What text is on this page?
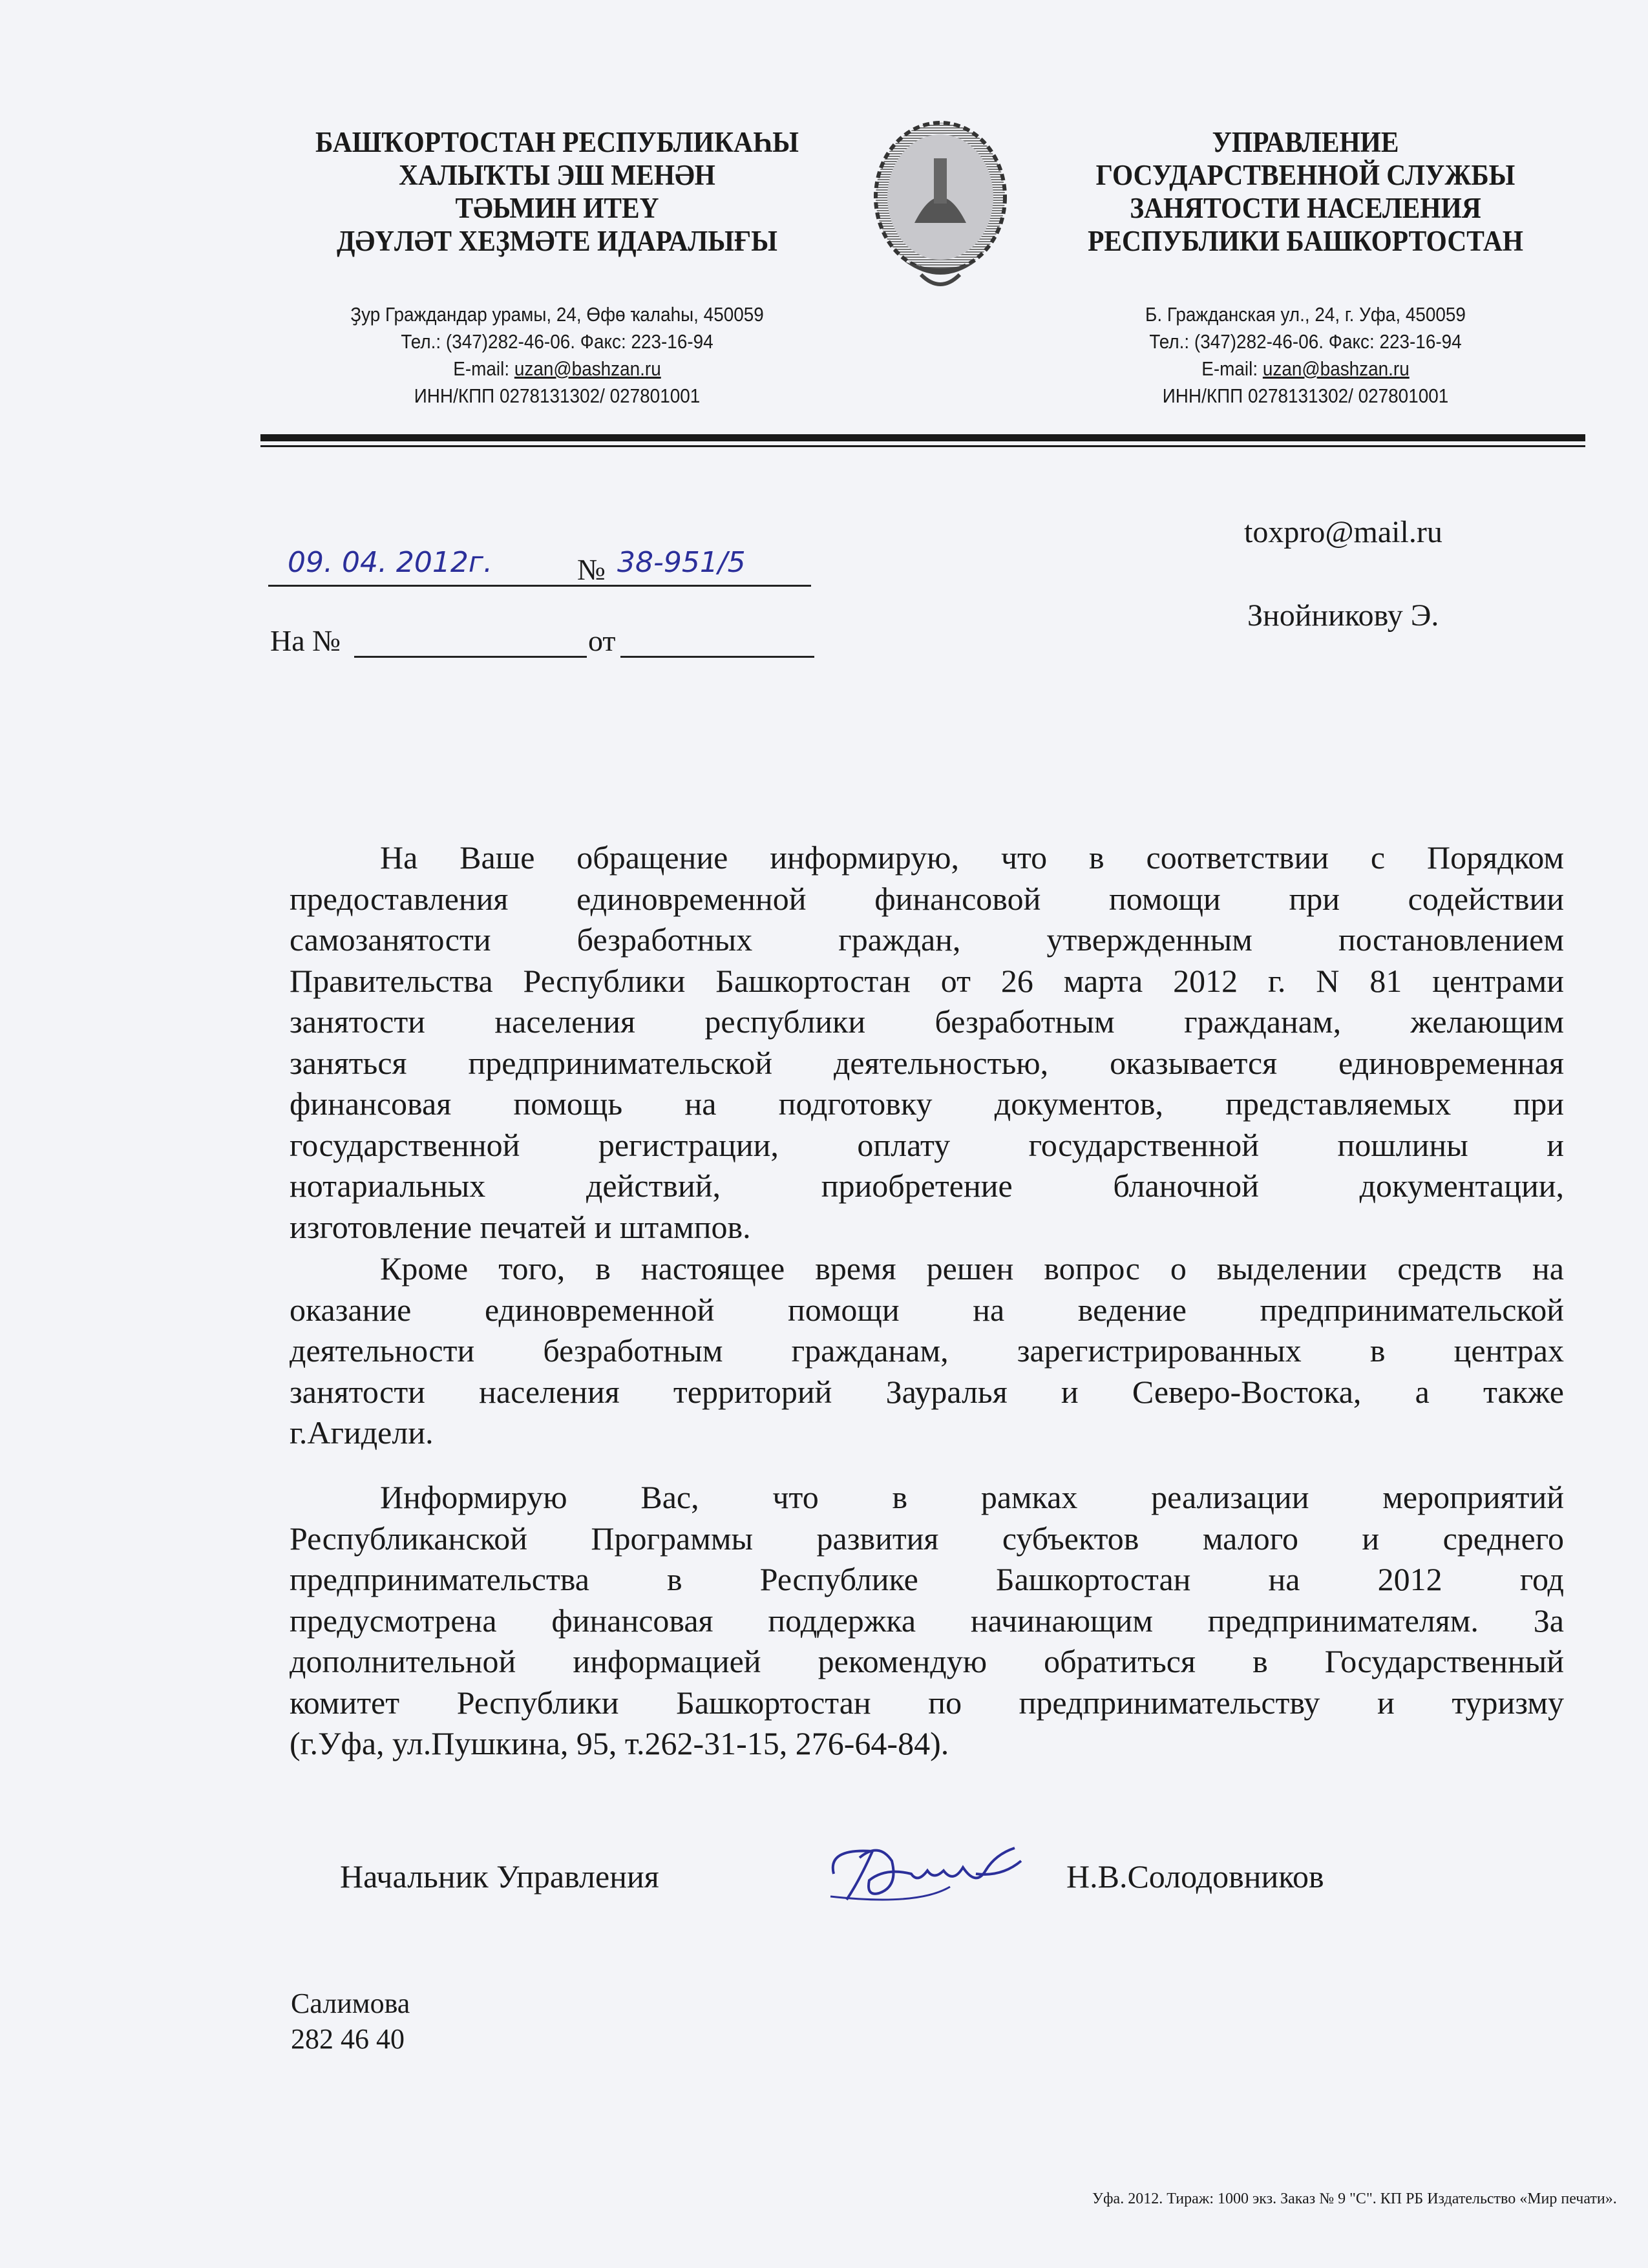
БАШҠОРТОСТАН РЕСПУБЛИКАҺЫ
ХАЛЫҠТЫ ЭШ МЕНӘН
ТӘЬМИН ИТЕҮ
ДӘҮЛӘТ ХЕҘМӘТЕ ИДАРАЛЫҒЫ
УПРАВЛЕНИЕ
ГОСУДАРСТВЕННОЙ СЛУЖБЫ
ЗАНЯТОСТИ НАСЕЛЕНИЯ
РЕСПУБЛИКИ БАШКОРТОСТАН
Ҙур Граждандар урамы, 24, Өфө ҡалаһы, 450059
Тел.: (347)282-46-06. Факс: 223-16-94
E-mail: uzan@bashzan.ru
ИНН/КПП 0278131302/ 027801001
Б. Гражданская ул., 24, г. Уфа, 450059
Тел.: (347)282-46-06. Факс: 223-16-94
E-mail: uzan@bashzan.ru
ИНН/КПП 0278131302/ 027801001
09. 04. 2012г.	№ 38-951/5
На №	от
toxpro@mail.ru
Знойникову Э.
На Ваше обращение информирую, что в соответствии с Порядком
предоставления единовременной финансовой помощи при содействии
самозанятости безработных граждан, утвержденным постановлением
Правительства Республики Башкортостан от 26 марта 2012 г. N 81 центрами
занятости населения республики безработным гражданам, желающим
заняться предпринимательской деятельностью, оказывается единовременная
финансовая помощь на подготовку документов, представляемых при
государственной регистрации, оплату государственной пошлины и
нотариальных действий, приобретение бланочной документации,
изготовление печатей и штампов.
Кроме того, в настоящее время решен вопрос о выделении средств на
оказание единовременной помощи на ведение предпринимательской
деятельности безработным гражданам, зарегистрированных в центрах
занятости населения территорий Зауралья и Северо-Востока, а также
г.Агидели.
Информирую Вас, что в рамках реализации мероприятий
Республиканской Программы развития субъектов малого и среднего
предпринимательства в Республике Башкортостан на 2012 год
предусмотрена финансовая поддержка начинающим предпринимателям. За
дополнительной информацией рекомендую обратиться в Государственный
комитет Республики Башкортостан по предпринимательству и туризму
(г.Уфа, ул.Пушкина, 95, т.262-31-15, 276-64-84).
Начальник Управления	Н.В.Солодовников
Салимова
282 46 40
Уфа. 2012. Тираж: 1000 экз. Заказ № 9 "С". КП РБ Издательство «Мир печати».
